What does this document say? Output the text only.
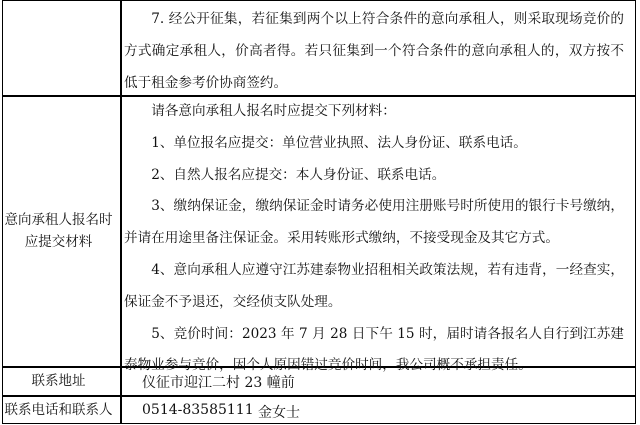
7. 经公开征集，若征集到两个以上符合条件的意向承租人，则采取现场竞价的方式确定承租人，价高者得。若只征集到一个符合条件的意向承租人的，双方按不低于租金参考价协商签约。

意向承租人报名时
应提交材料

请各意向承租人报名时应提交下列材料：

1、单位报名应提交：单位营业执照、法人身份证、联系电话。

2、自然人报名应提交：本人身份证、联系电话。

3、缴纳保证金，缴纳保证金时请务必使用注册账号时所使用的银行卡号缴纳，并请在用途里备注保证金。采用转账形式缴纳，不接受现金及其它方式。

4、意向承租人应遵守江苏建泰物业招租相关政策法规，若有违背，一经查实，保证金不予退还，交经侦支队处理。

5、竞价时间：2023 年 7 月 28 日下午 15 时，届时请各报名人自行到江苏建泰物业参与竞价，因个人原因错过竞价时间，我公司概不承担责任。

联系地址	仪征市迎江二村 23 幢前
联系电话和联系人	0514-83585111 金女士
